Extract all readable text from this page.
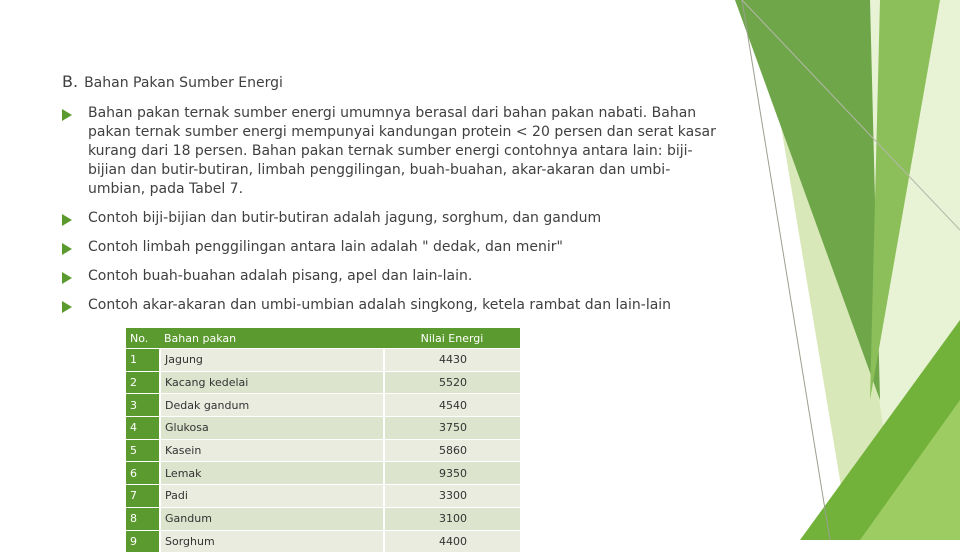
B. Bahan Pakan Sumber Energi
Bahan pakan ternak sumber energi umumnya berasal dari bahan pakan nabati. Bahan pakan ternak sumber energi mempunyai kandungan protein < 20 persen dan serat kasar kurang dari 18 persen. Bahan pakan ternak sumber energi contohnya antara lain: biji-bijian dan butir-butiran, limbah penggilingan, buah-buahan, akar-akaran dan umbi-umbian, pada Tabel 7.
Contoh biji-bijian dan butir-butiran adalah jagung, sorghum, dan gandum
Contoh limbah penggilingan antara lain adalah " dedak, dan menir"
Contoh buah-buahan adalah pisang, apel dan lain-lain.
Contoh akar-akaran dan umbi-umbian adalah singkong, ketela rambat dan lain-lain
No.	Bahan pakan	Nilai Energi
1	Jagung	4430
2	Kacang kedelai	5520
3	Dedak gandum	4540
4	Glukosa	3750
5	Kasein	5860
6	Lemak	9350
7	Padi	3300
8	Gandum	3100
9	Sorghum	4400
